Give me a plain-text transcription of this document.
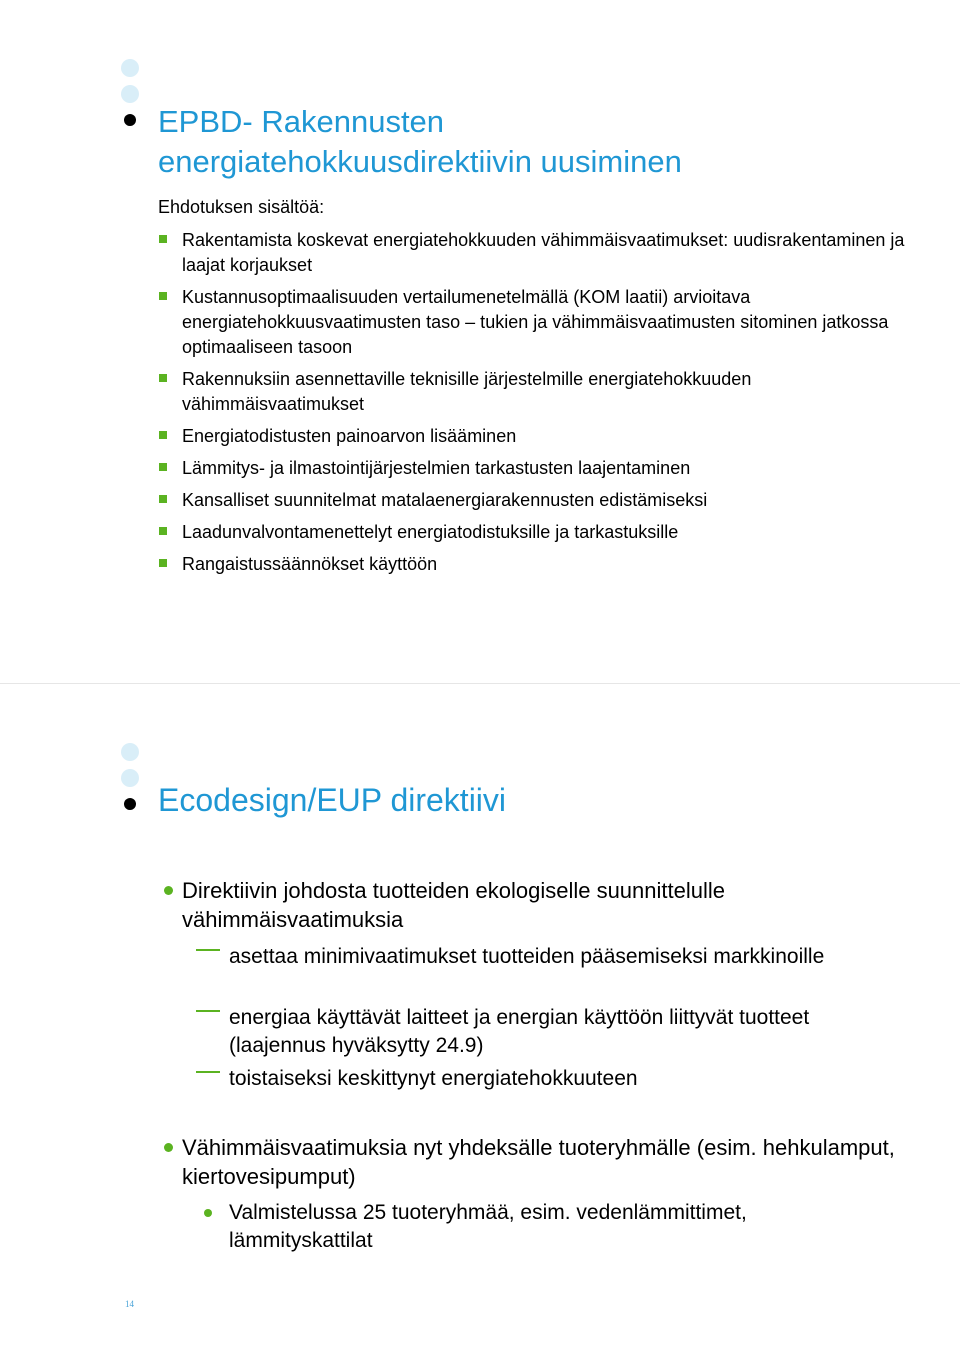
EPBD- Rakennusten
energiatehokkuusdirektiivin uusiminen
Ehdotuksen sisältöä:
Rakentamista koskevat energiatehokkuuden vähimmäisvaatimukset: uudisrakentaminen ja laajat korjaukset
Kustannusoptimaalisuuden vertailumenetelmällä (KOM laatii) arvioitava energiatehokkuusvaatimusten taso – tukien ja vähimmäisvaatimusten sitominen jatkossa optimaaliseen tasoon
Rakennuksiin asennettaville teknisille järjestelmille energiatehokkuuden vähimmäisvaatimukset
Energiatodistusten painoarvon lisääminen
Lämmitys- ja ilmastointijärjestelmien tarkastusten laajentaminen
Kansalliset suunnitelmat matalaenergiarakennusten edistämiseksi
Laadunvalvontamenettelyt energiatodistuksille ja tarkastuksille
Rangaistussäännökset käyttöön
Ecodesign/EUP direktiivi
Direktiivin johdosta tuotteiden ekologiselle suunnittelulle vähimmäisvaatimuksia
asettaa minimivaatimukset tuotteiden pääsemiseksi markkinoille
energiaa käyttävät laitteet ja energian käyttöön liittyvät tuotteet (laajennus hyväksytty 24.9)
toistaiseksi keskittynyt energiatehokkuuteen
Vähimmäisvaatimuksia nyt yhdeksälle tuoteryhmälle (esim. hehkulamput, kiertovesipumput)
Valmistelussa 25 tuoteryhmää, esim. vedenlämmittimet, lämmityskattilat
14
